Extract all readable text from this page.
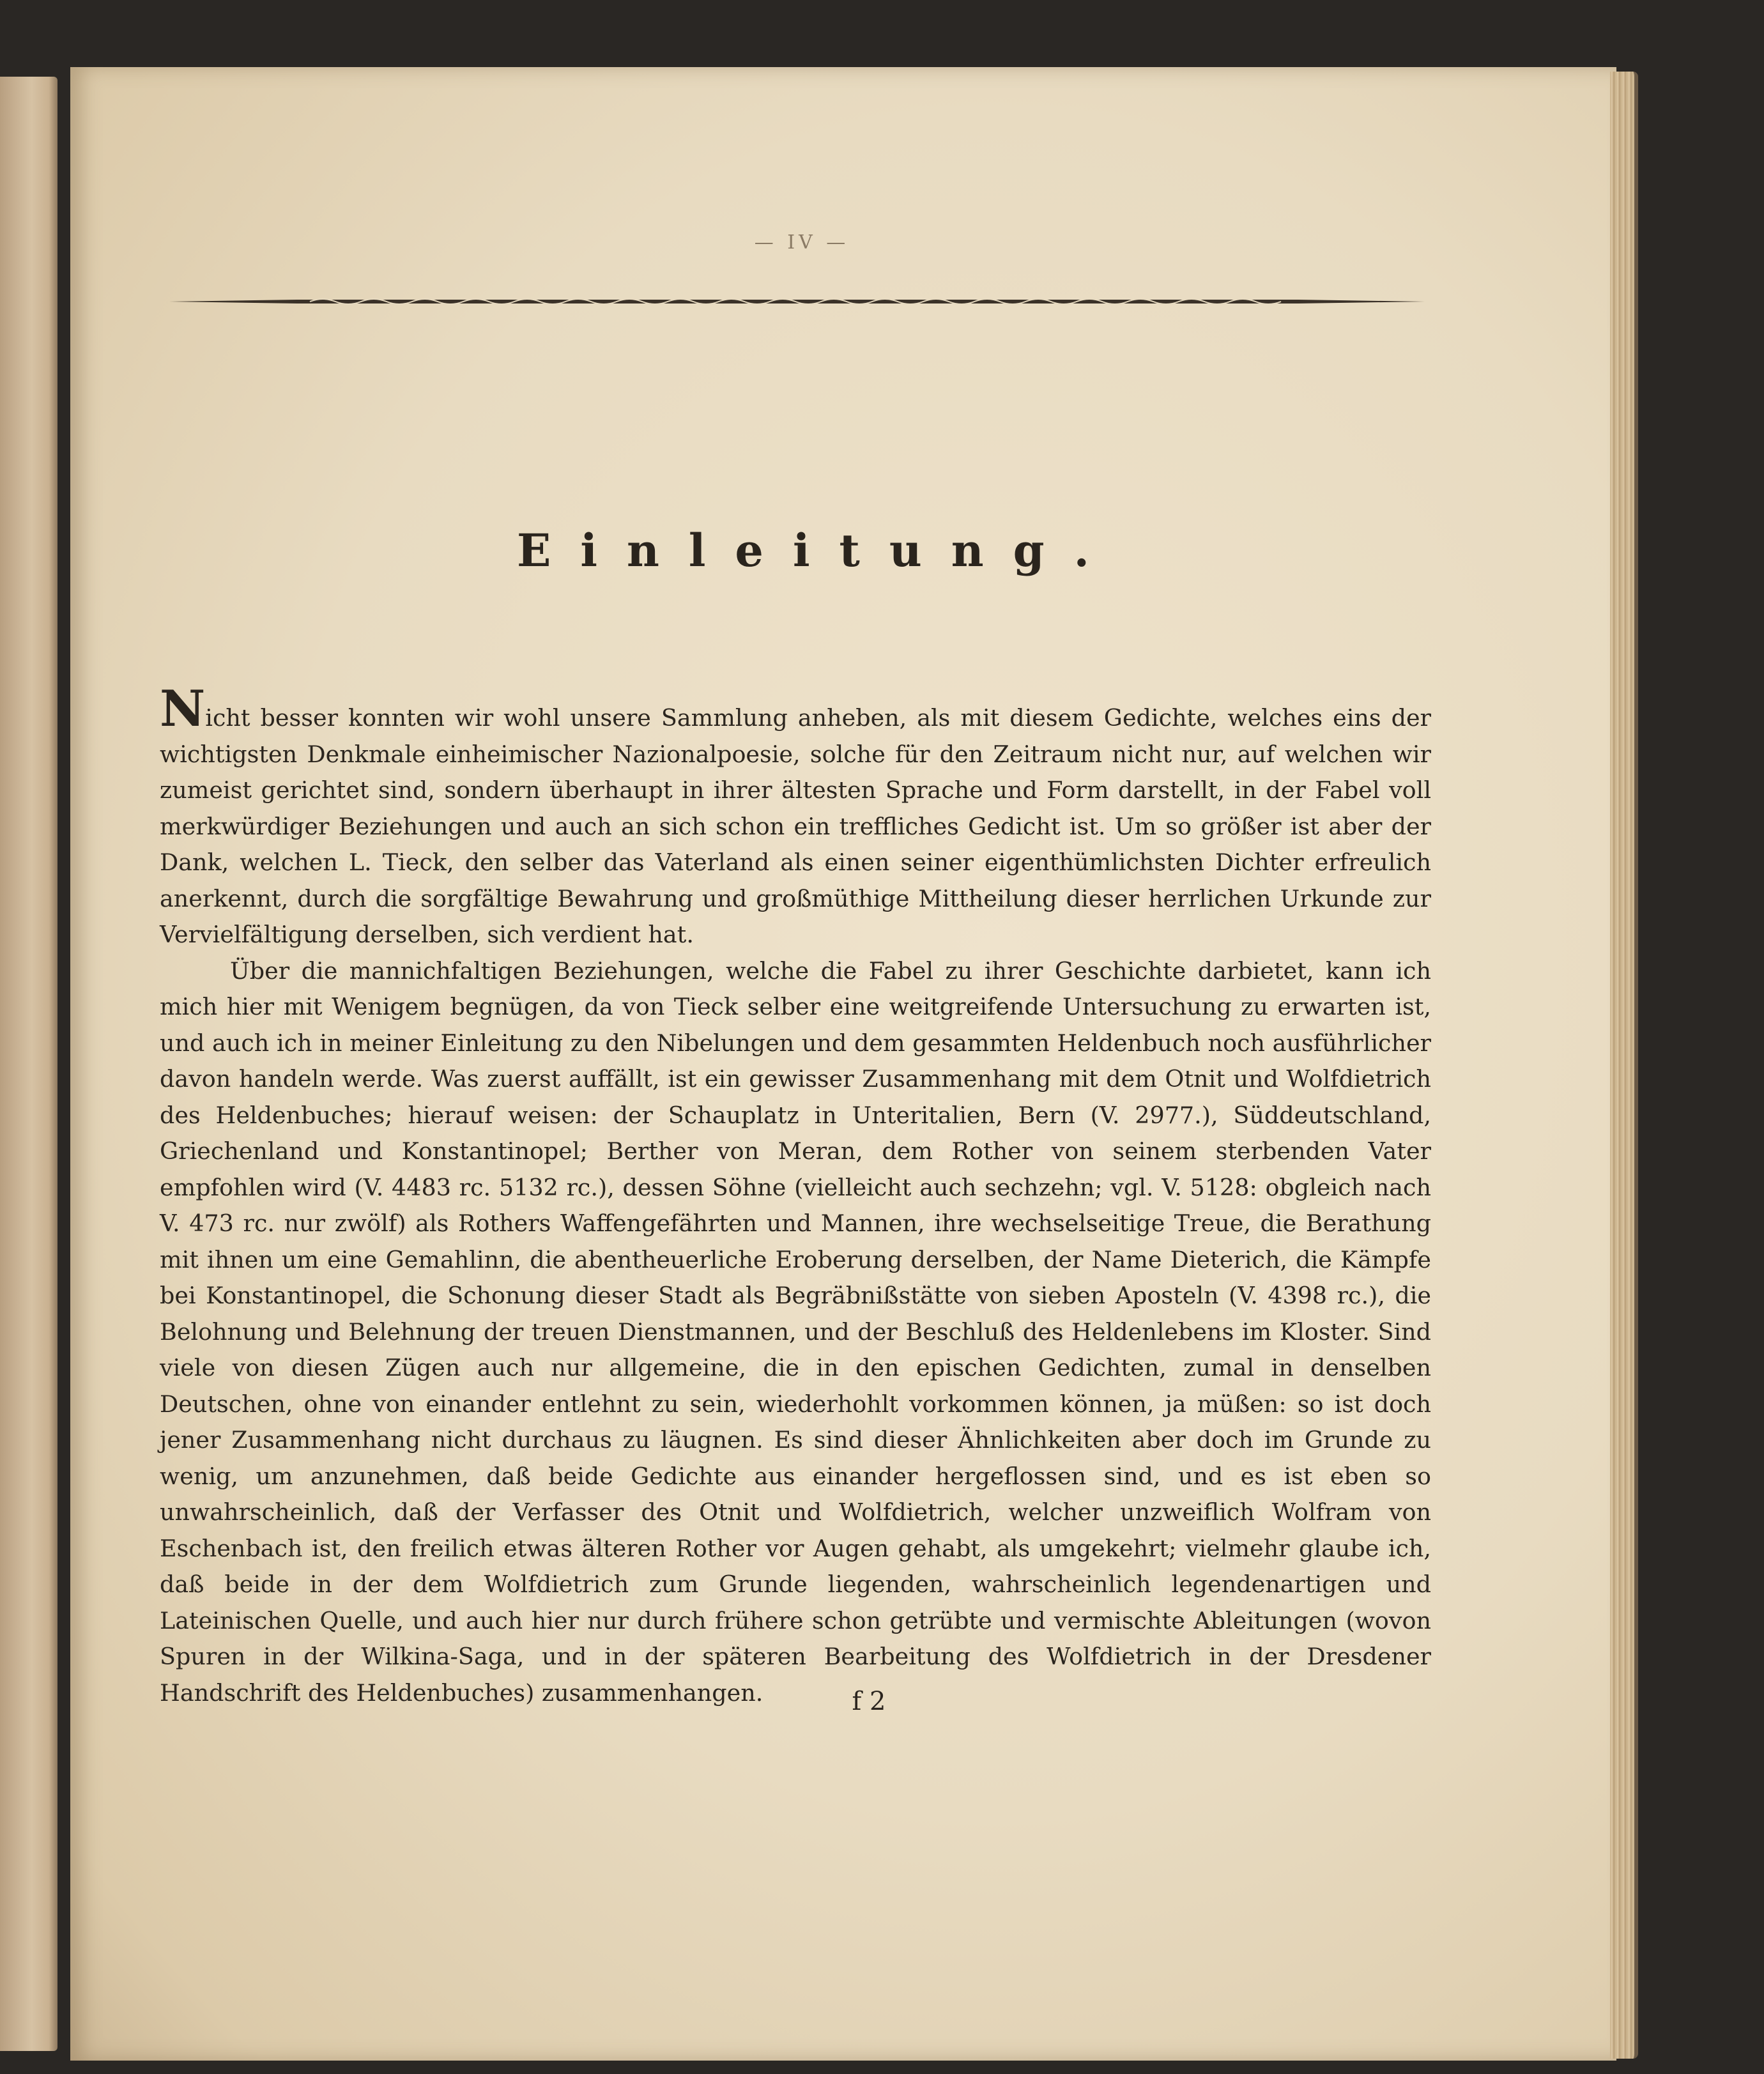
— IV —
Einleitung.

Nicht besser konnten wir wohl unsere Sammlung anheben, als mit diesem Gedichte, welches eins der wichtigsten Denkmale einheimischer Nazionalpoesie, solche für den Zeitraum nicht nur, auf welchen wir zumeist gerichtet sind, sondern überhaupt in ihrer ältesten Sprache und Form darstellt, in der Fabel voll merkwürdiger Beziehungen und auch an sich schon ein treffliches Gedicht ist. Um so größer ist aber der Dank, welchen L. Tieck, den selber das Vaterland als einen seiner eigenthümlichsten Dichter erfreulich anerkennt, durch die sorgfältige Bewahrung und großmüthige Mittheilung dieser herrlichen Urkunde zur Vervielfältigung derselben, sich verdient hat.

Über die mannichfaltigen Beziehungen, welche die Fabel zu ihrer Geschichte darbietet, kann ich mich hier mit Wenigem begnügen, da von Tieck selber eine weitgreifende Untersuchung zu erwarten ist, und auch ich in meiner Einleitung zu den Nibelungen und dem gesammten Heldenbuch noch ausführlicher davon handeln werde. Was zuerst auffällt, ist ein gewisser Zusammenhang mit dem Otnit und Wolfdietrich des Heldenbuches; hierauf weisen: der Schauplatz in Unteritalien, Bern (V. 2977.), Süddeutschland, Griechenland und Konstantinopel; Berther von Meran, dem Rother von seinem sterbenden Vater empfohlen wird (V. 4483 rc. 5132 rc.), dessen Söhne (vielleicht auch sechzehn; vgl. V. 5128: obgleich nach V. 473 rc. nur zwölf) als Rothers Waffengefährten und Mannen, ihre wechselseitige Treue, die Berathung mit ihnen um eine Gemahlinn, die abentheuerliche Eroberung derselben, der Name Dieterich, die Kämpfe bei Konstantinopel, die Schonung dieser Stadt als Begräbnißstätte von sieben Aposteln (V. 4398 rc.), die Belohnung und Belehnung der treuen Dienstmannen, und der Beschluß des Heldenlebens im Kloster. Sind viele von diesen Zügen auch nur allgemeine, die in den epischen Gedichten, zumal in denselben Deutschen, ohne von einander entlehnt zu sein, wiederhohlt vorkommen können, ja müßen: so ist doch jener Zusammenhang nicht durchaus zu läugnen. Es sind dieser Ähnlichkeiten aber doch im Grunde zu wenig, um anzunehmen, daß beide Gedichte aus einander hergeflossen sind, und es ist eben so unwahrscheinlich, daß der Verfasser des Otnit und Wolfdietrich, welcher unzweiflich Wolfram von Eschenbach ist, den freilich etwas älteren Rother vor Augen gehabt, als umgekehrt; vielmehr glaube ich, daß beide in der dem Wolfdietrich zum Grunde liegenden, wahrscheinlich legendenartigen und Lateinischen Quelle, und auch hier nur durch frühere schon getrübte und vermischte Ableitungen (wovon Spuren in der Wilkina-Saga, und in der späteren Bearbeitung des Wolfdietrich in der Dresdener Handschrift des Heldenbuches) zusammenhangen.	f 2
